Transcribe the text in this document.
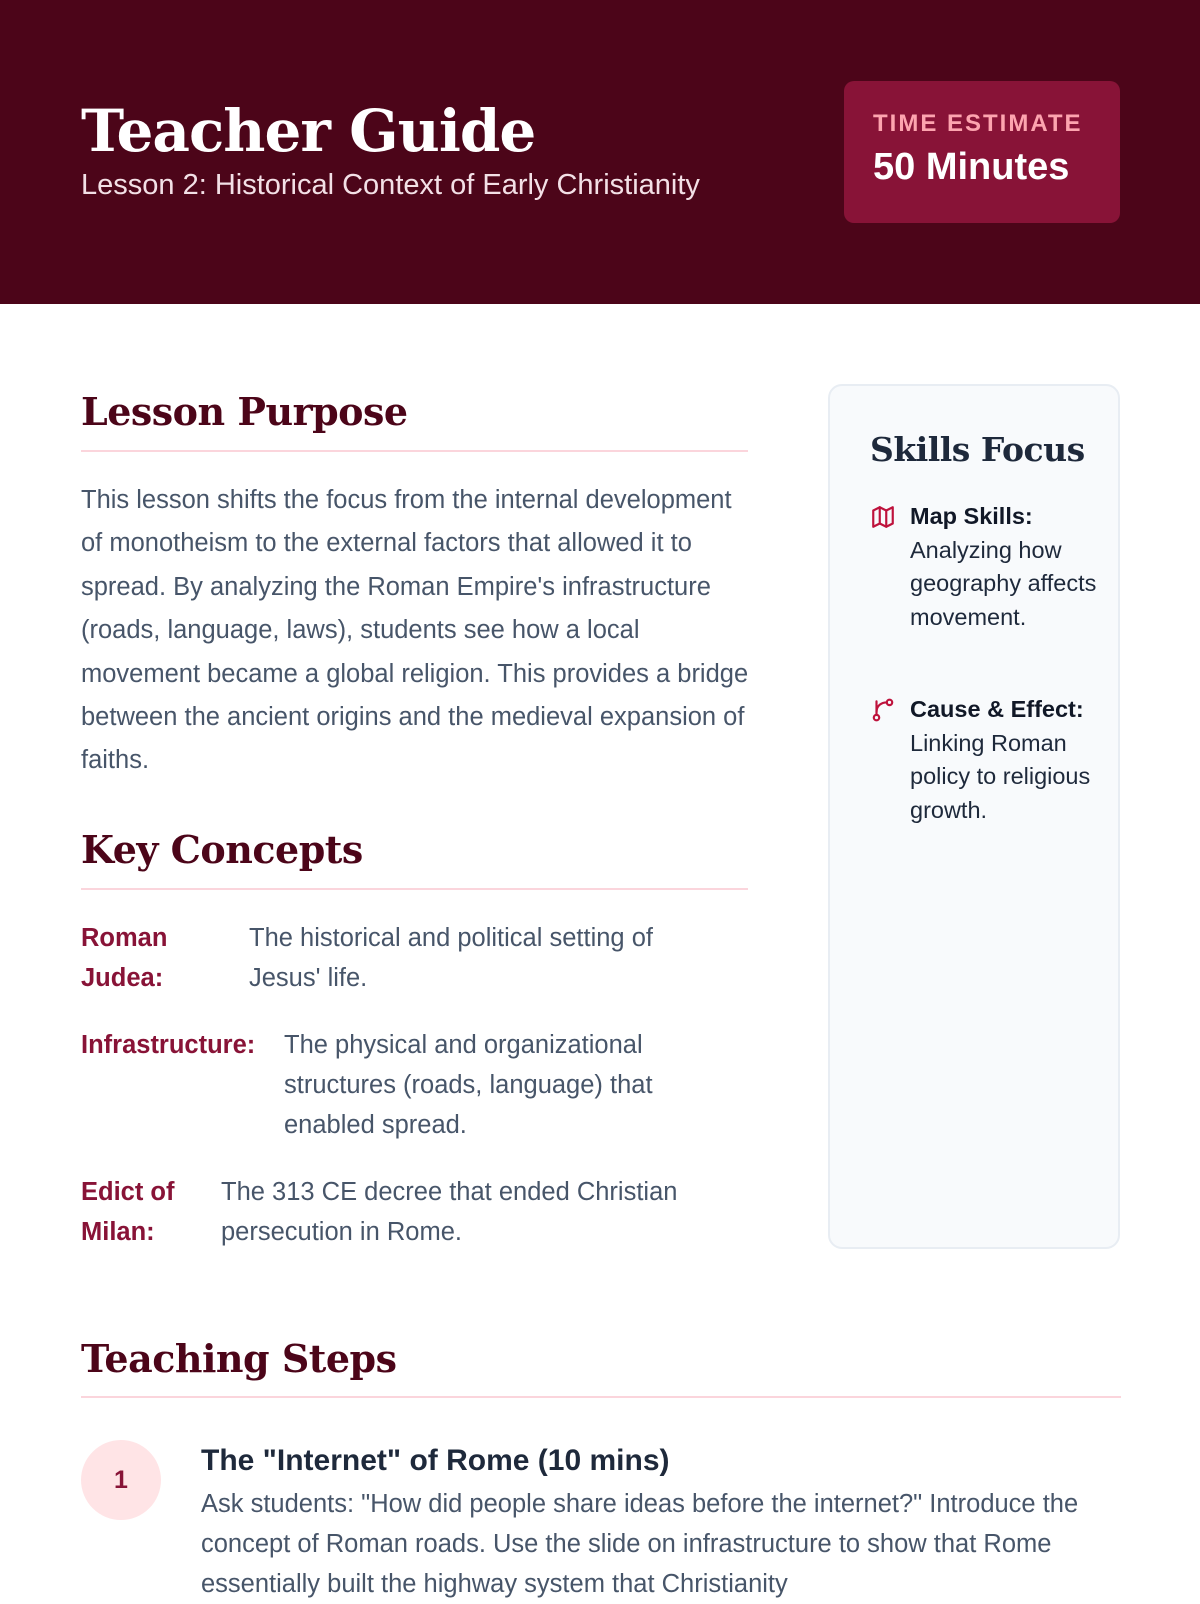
Teacher Guide

Lesson 2: Historical Context of Early Christianity

TIME ESTIMATE
50 Minutes
Lesson Purpose

This lesson shifts the focus from the internal development of monotheism to the external factors that allowed it to spread. By analyzing the Roman Empire's infrastructure (roads, language, laws), students see how a local movement became a global religion. This provides a bridge between the ancient origins and the medieval expansion of faiths.

Key Concepts
Roman Judea:
The historical and political setting of Jesus' life.
Infrastructure:	The physical and organizational structures (roads, language) that enabled spread.
Edict of Milan:
The 313 CE decree that ended Christian persecution in Rome.
Skills Focus
Map Skills: Analyzing how geography affects movement.
Cause & Effect: Linking Roman policy to religious growth.
Teaching Steps
1
The "Internet" of Rome (10 mins)

Ask students: "How did people share ideas before the internet?" Introduce the concept of Roman roads. Use the slide on infrastructure to show that Rome essentially built the highway system that Christianity
